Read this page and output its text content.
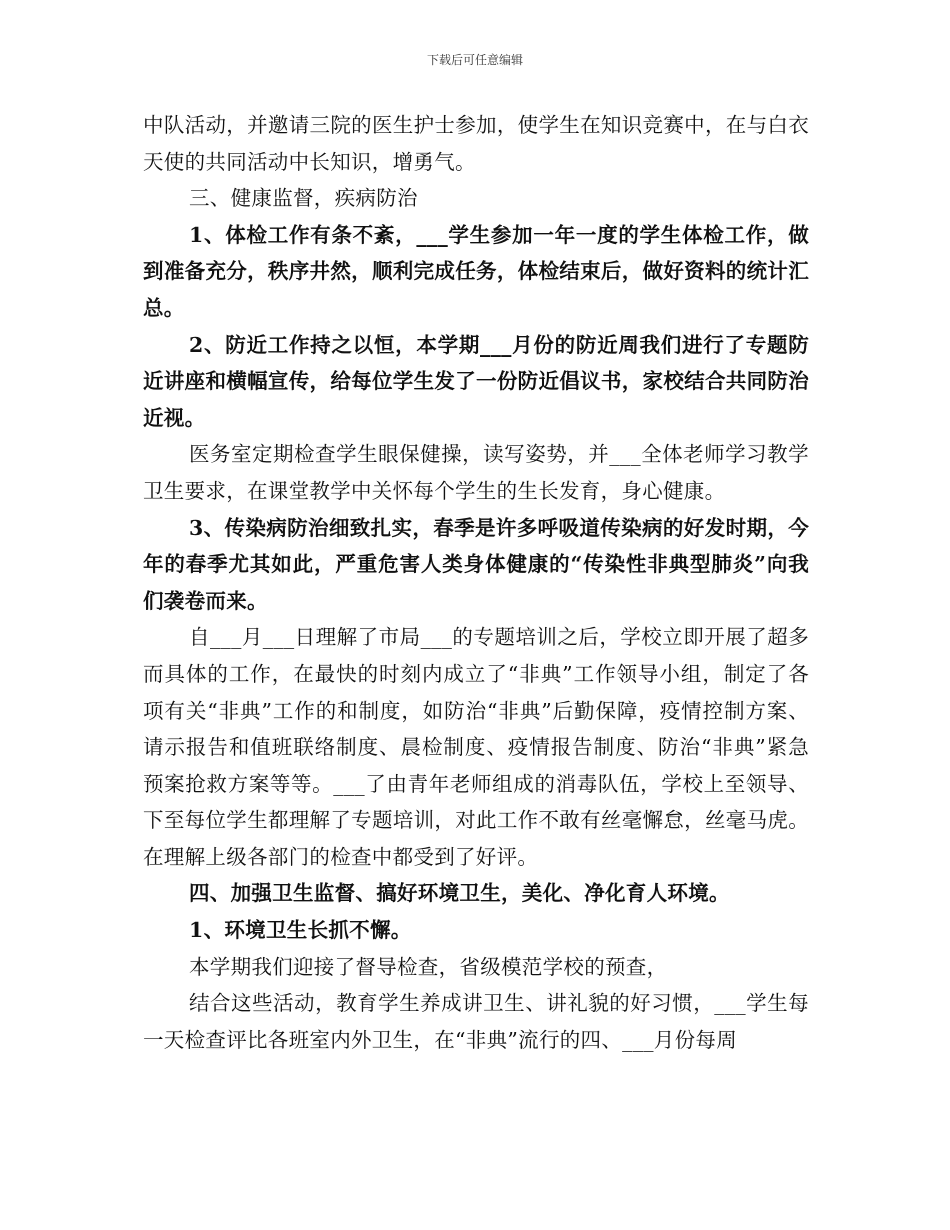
下载后可任意编辑

中队活动，并邀请三院的医生护士参加，使学生在知识竞赛中，在与白衣天使的共同活动中长知识，增勇气。

三、健康监督，疾病防治

1、体检工作有条不紊，___学生参加一年一度的学生体检工作，做到准备充分，秩序井然，顺利完成任务，体检结束后，做好资料的统计汇总。

2、防近工作持之以恒，本学期___月份的防近周我们进行了专题防近讲座和横幅宣传，给每位学生发了一份防近倡议书，家校结合共同防治近视。

医务室定期检查学生眼保健操，读写姿势，并___全体老师学习教学卫生要求，在课堂教学中关怀每个学生的生长发育，身心健康。

3、传染病防治细致扎实，春季是许多呼吸道传染病的好发时期，今年的春季尤其如此，严重危害人类身体健康的“传染性非典型肺炎”向我们袭卷而来。

自___月___日理解了市局___的专题培训之后，学校立即开展了超多而具体的工作，在最快的时刻内成立了“非典”工作领导小组，制定了各项有关“非典”工作的和制度，如防治“非典”后勤保障，疫情控制方案、请示报告和值班联络制度、晨检制度、疫情报告制度、防治“非典”紧急预案抢救方案等等。___了由青年老师组成的消毒队伍，学校上至领导、下至每位学生都理解了专题培训，对此工作不敢有丝毫懈怠，丝毫马虎。在理解上级各部门的检查中都受到了好评。

四、加强卫生监督、搞好环境卫生，美化、净化育人环境。

1、环境卫生长抓不懈。

本学期我们迎接了督导检查，省级模范学校的预查，

结合这些活动，教育学生养成讲卫生、讲礼貌的好习惯，___学生每一天检查评比各班室内外卫生，在“非典”流行的四、___月份每周
